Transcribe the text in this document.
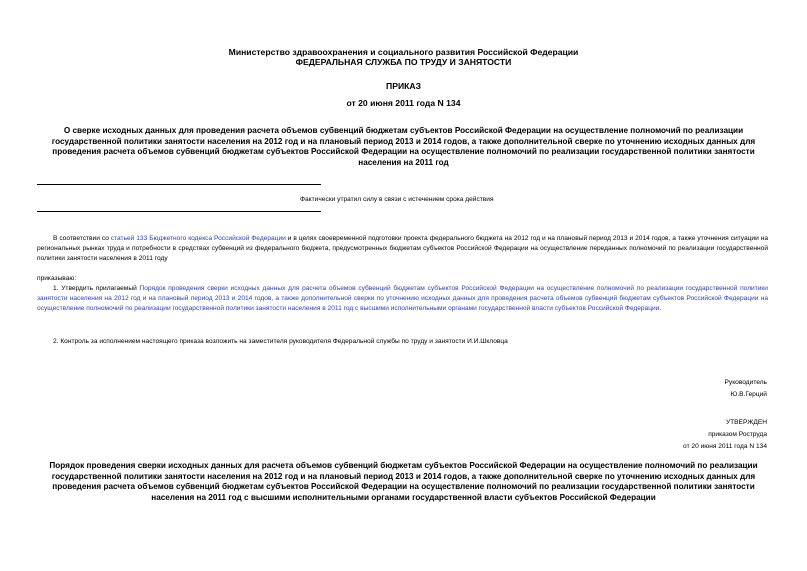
Министерство здравоохранения и социального развития Российской Федерации
ФЕДЕРАЛЬНАЯ СЛУЖБА ПО ТРУДУ И ЗАНЯТОСТИ
ПРИКАЗ
от 20 июня 2011 года N 134
О сверке исходных данных для проведения расчета объемов субвенций бюджетам субъектов Российской Федерации на осуществление полномочий по реализации государственной политики занятости населения на 2012 год и на плановый период 2013 и 2014 годов, а также дополнительной сверке по уточнению исходных данных для проведения расчета объемов субвенций бюджетам субъектов Российской Федерации на осуществление полномочий по реализации государственной политики занятости населения на 2011 год
Фактически утратил силу в связи с истечением срока действия
В соответствии со статьей 133 Бюджетного кодекса Российской Федерации и в целях своевременной подготовки проекта федерального бюджета на 2012 год и на плановый период 2013 и 2014 годов, а также уточнения ситуации на региональных рынках труда и потребности в средствах субвенций из федерального бюджета, предусмотренных бюджетам субъектов Российской Федерации на осуществление переданных полномочий по реализации государственной политики занятости населения в 2011 году
приказываю:
1. Утвердить прилагаемый Порядок проведения сверки исходных данных для расчета объемов субвенций бюджетам субъектов Российской Федерации на осуществление полномочий по реализации государственной политики занятости населения на 2012 год и на плановый период 2013 и 2014 годов, а также дополнительной сверки по уточнению исходных данных для проведения расчета объемов субвенций бюджетам субъектов Российской Федерации на осуществление полномочий по реализации государственной политики занятости населения в 2011 год с высшими исполнительными органами государственной власти субъектов Российской Федерации.
2. Контроль за исполнением настоящего приказа возложить на заместителя руководителя Федеральной службы по труду и занятости И.И.Шкловца
Руководитель
Ю.В.Герций
УТВЕРЖДЕН
приказом Роструда
от 20 июня 2011 года N 134
Порядок проведения сверки исходных данных для расчета объемов субвенций бюджетам субъектов Российской Федерации на осуществление полномочий по реализации государственной политики занятости населения на 2012 год и на плановый период 2013 и 2014 годов, а также дополнительной сверке по уточнению исходных данных для проведения расчета объемов субвенций бюджетам субъектов Российской Федерации на осуществление полномочий по реализации государственной политики занятости населения на 2011 год с высшими исполнительными органами государственной власти субъектов Российской Федерации
